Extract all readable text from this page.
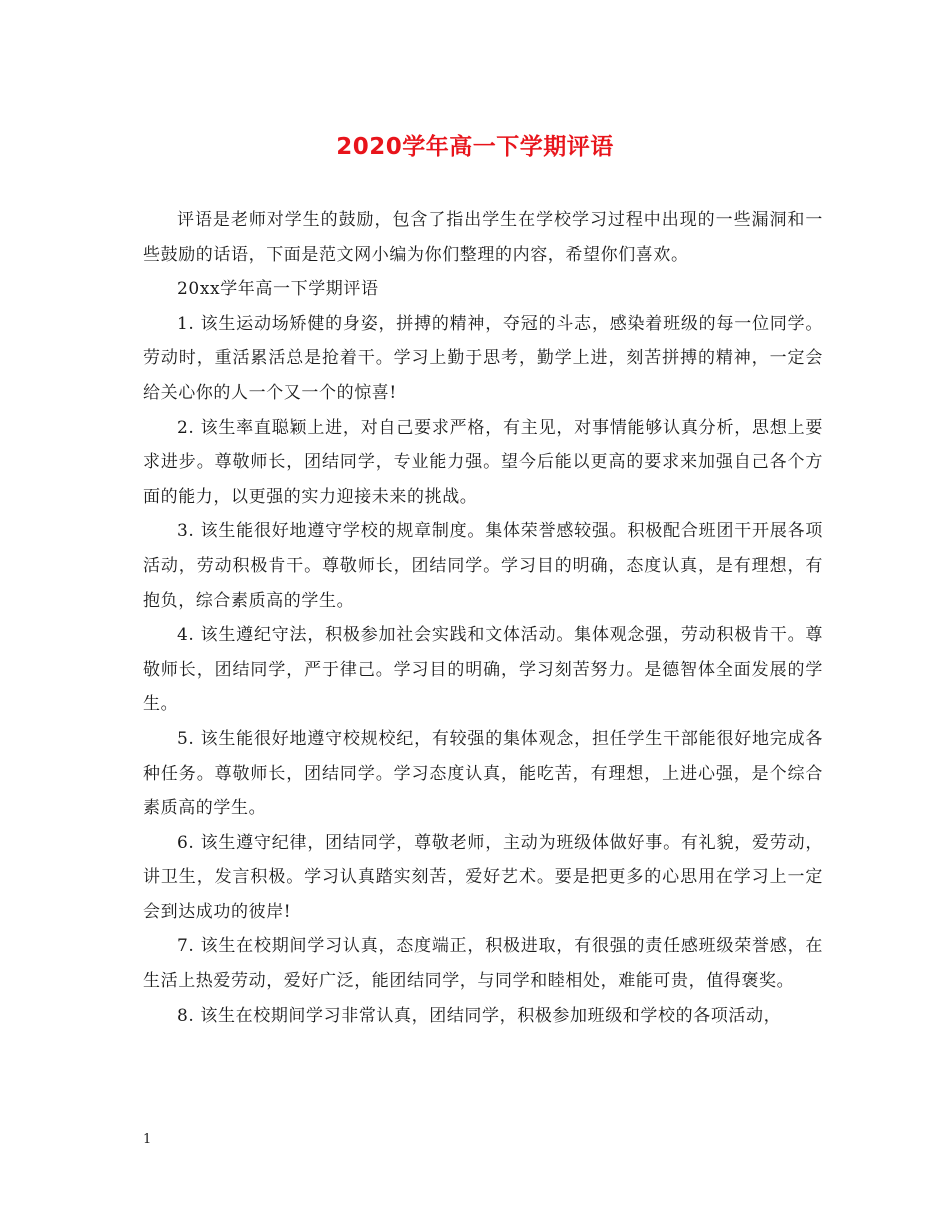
2020学年高一下学期评语

评语是老师对学生的鼓励，包含了指出学生在学校学习过程中出现的一些漏洞和一些鼓励的话语，下面是范文网小编为你们整理的内容，希望你们喜欢。

20xx学年高一下学期评语

1. 该生运动场矫健的身姿，拼搏的精神，夺冠的斗志，感染着班级的每一位同学。劳动时，重活累活总是抢着干。学习上勤于思考，勤学上进，刻苦拼搏的精神，一定会给关心你的人一个又一个的惊喜!

2. 该生率直聪颖上进，对自己要求严格，有主见，对事情能够认真分析，思想上要求进步。尊敬师长，团结同学，专业能力强。望今后能以更高的要求来加强自己各个方面的能力，以更强的实力迎接未来的挑战。

3. 该生能很好地遵守学校的规章制度。集体荣誉感较强。积极配合班团干开展各项活动，劳动积极肯干。尊敬师长，团结同学。学习目的明确，态度认真，是有理想，有抱负，综合素质高的学生。

4. 该生遵纪守法，积极参加社会实践和文体活动。集体观念强，劳动积极肯干。尊敬师长，团结同学，严于律己。学习目的明确，学习刻苦努力。是德智体全面发展的学生。

5. 该生能很好地遵守校规校纪，有较强的集体观念，担任学生干部能很好地完成各种任务。尊敬师长，团结同学。学习态度认真，能吃苦，有理想，上进心强，是个综合素质高的学生。

6. 该生遵守纪律，团结同学，尊敬老师，主动为班级体做好事。有礼貌，爱劳动，讲卫生，发言积极。学习认真踏实刻苦，爱好艺术。要是把更多的心思用在学习上一定会到达成功的彼岸!

7. 该生在校期间学习认真，态度端正，积极进取，有很强的责任感班级荣誉感，在生活上热爱劳动，爱好广泛，能团结同学，与同学和睦相处，难能可贵，值得褒奖。

8. 该生在校期间学习非常认真，团结同学，积极参加班级和学校的各项活动，

1
